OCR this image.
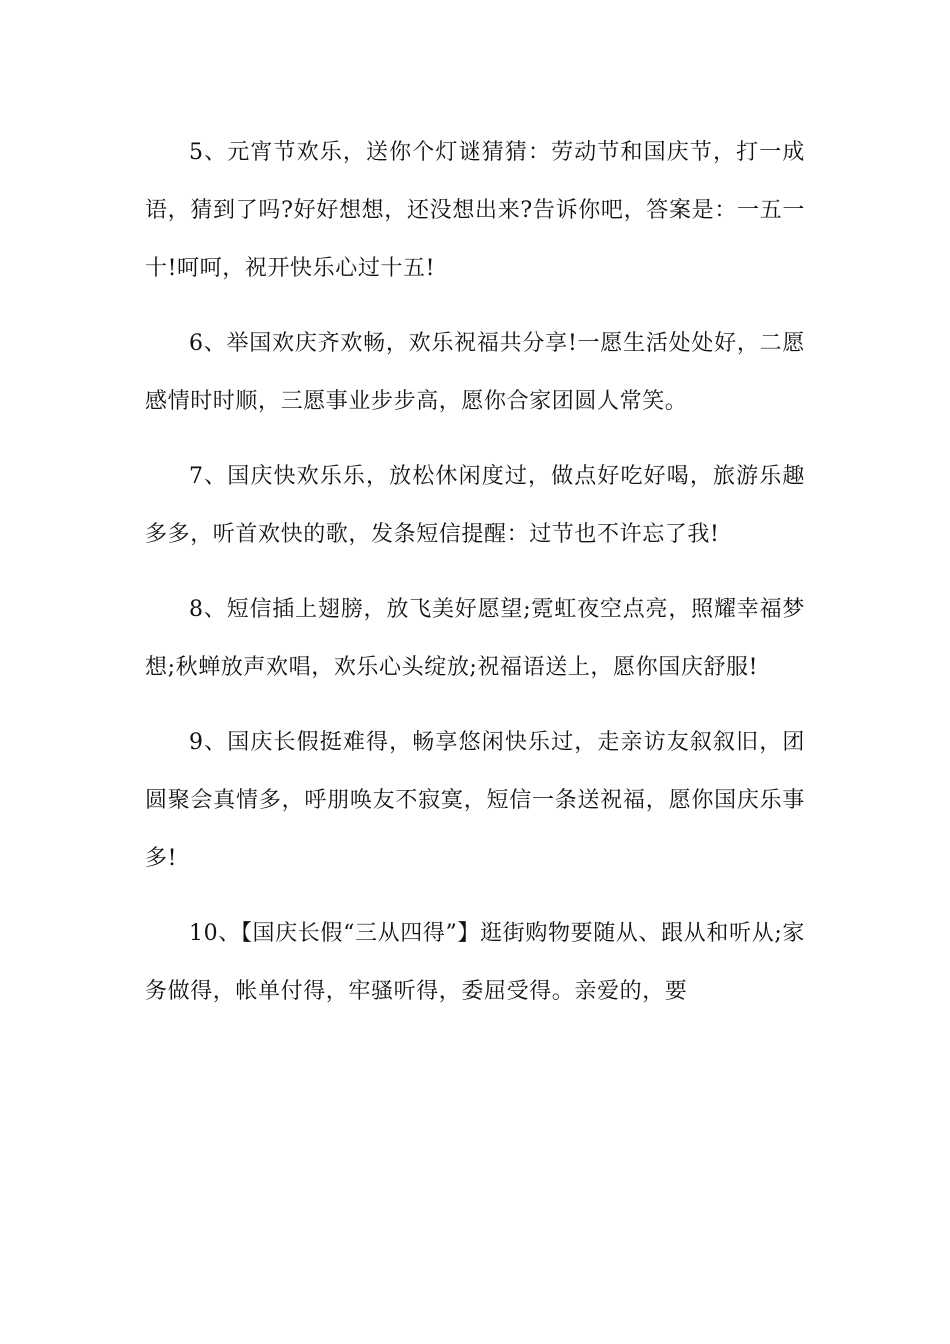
5、元宵节欢乐，送你个灯谜猜猜：劳动节和国庆节，打一成语，猜到了吗?好好想想，还没想出来?告诉你吧，答案是：一五一十!呵呵，祝开快乐心过十五!

6、举国欢庆齐欢畅，欢乐祝福共分享!一愿生活处处好，二愿感情时时顺，三愿事业步步高，愿你合家团圆人常笑。

7、国庆快欢乐乐，放松休闲度过，做点好吃好喝，旅游乐趣多多，听首欢快的歌，发条短信提醒：过节也不许忘了我!

8、短信插上翅膀，放飞美好愿望;霓虹夜空点亮，照耀幸福梦想;秋蝉放声欢唱，欢乐心头绽放;祝福语送上，愿你国庆舒服!

9、国庆长假挺难得，畅享悠闲快乐过，走亲访友叙叙旧，团圆聚会真情多，呼朋唤友不寂寞，短信一条送祝福，愿你国庆乐事多!

10、【国庆长假“三从四得”】逛街购物要随从、跟从和听从;家务做得，帐单付得，牢骚听得，委屈受得。亲爱的，要
